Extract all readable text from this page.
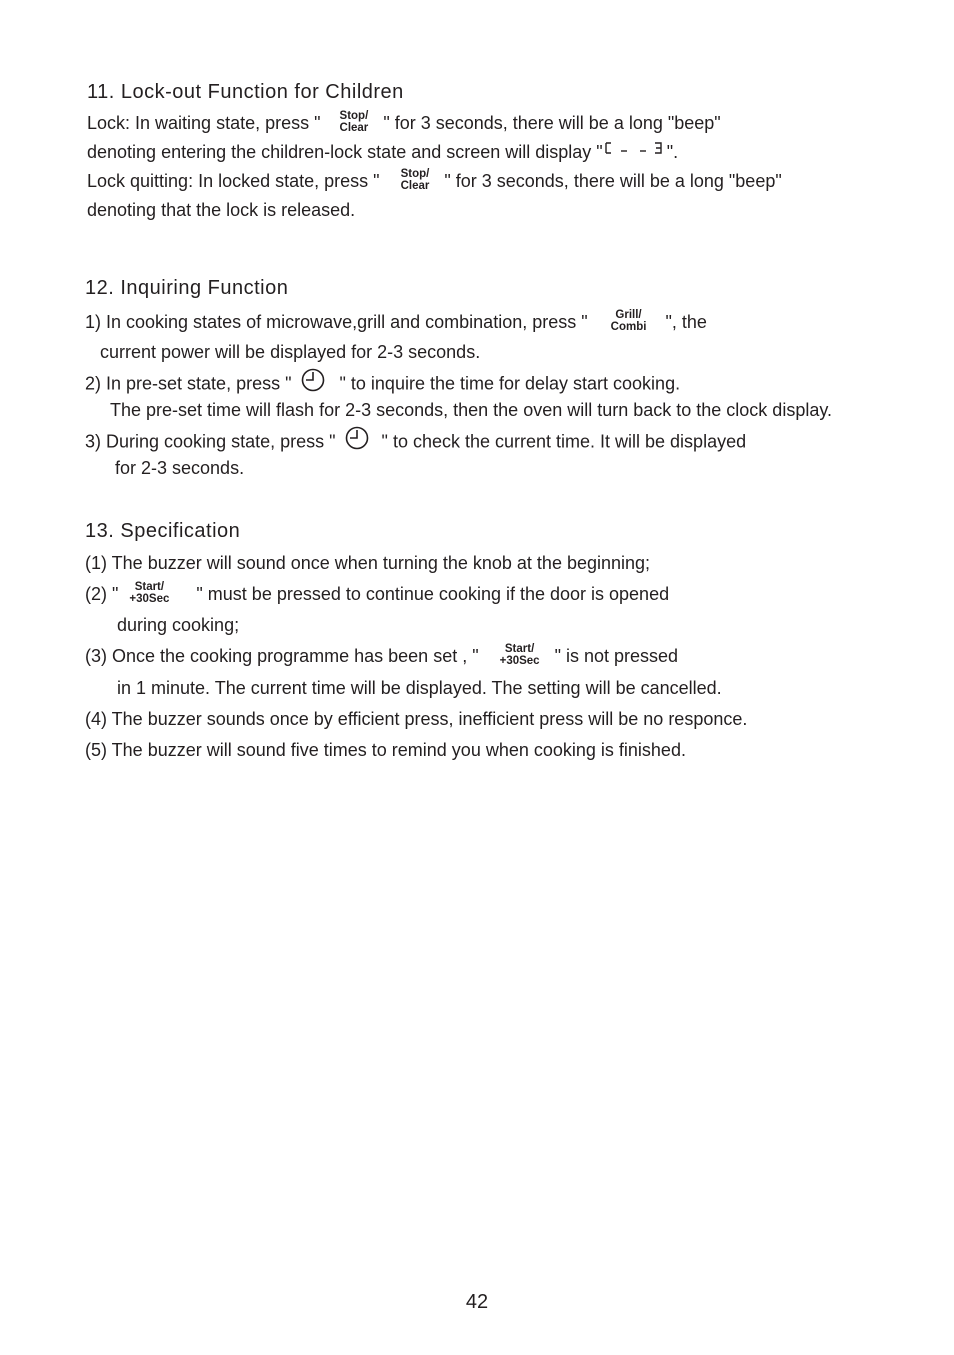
11. Lock-out Function for Children
Lock: In waiting state, press " Stop/
Clear " for 3 seconds, there will be a long "beep"
denoting entering the children-lock state and screen will display "	".
Lock quitting: In locked state, press " Stop/
Clear " for 3 seconds, there will be a long "beep"
denoting that the lock is released.
12. Inquiring Function
1) In cooking states of microwave,grill and combination, press " Grill/
Combi ", the
current power will be displayed for 2-3 seconds.
2) In pre-set state, press "	" to inquire the time for delay start cooking.
The pre-set time will flash for 2-3 seconds, then the oven will turn back to the clock display.
3) During cooking state, press "	" to check the current time. It will be displayed
for 2-3 seconds.
13. Specification
(1) The buzzer will sound once when turning the knob at the beginning;
(2) " Start/
+30Sec " must be pressed to continue cooking if the door is opened
during cooking;
(3) Once the cooking programme has been set , " Start/
+30Sec " is not pressed
in 1 minute. The current time will be displayed. The setting will be cancelled.
(4) The buzzer sounds once by efficient press, inefficient press will be no responce.
(5) The buzzer will sound five times to remind you when cooking is finished.
42
